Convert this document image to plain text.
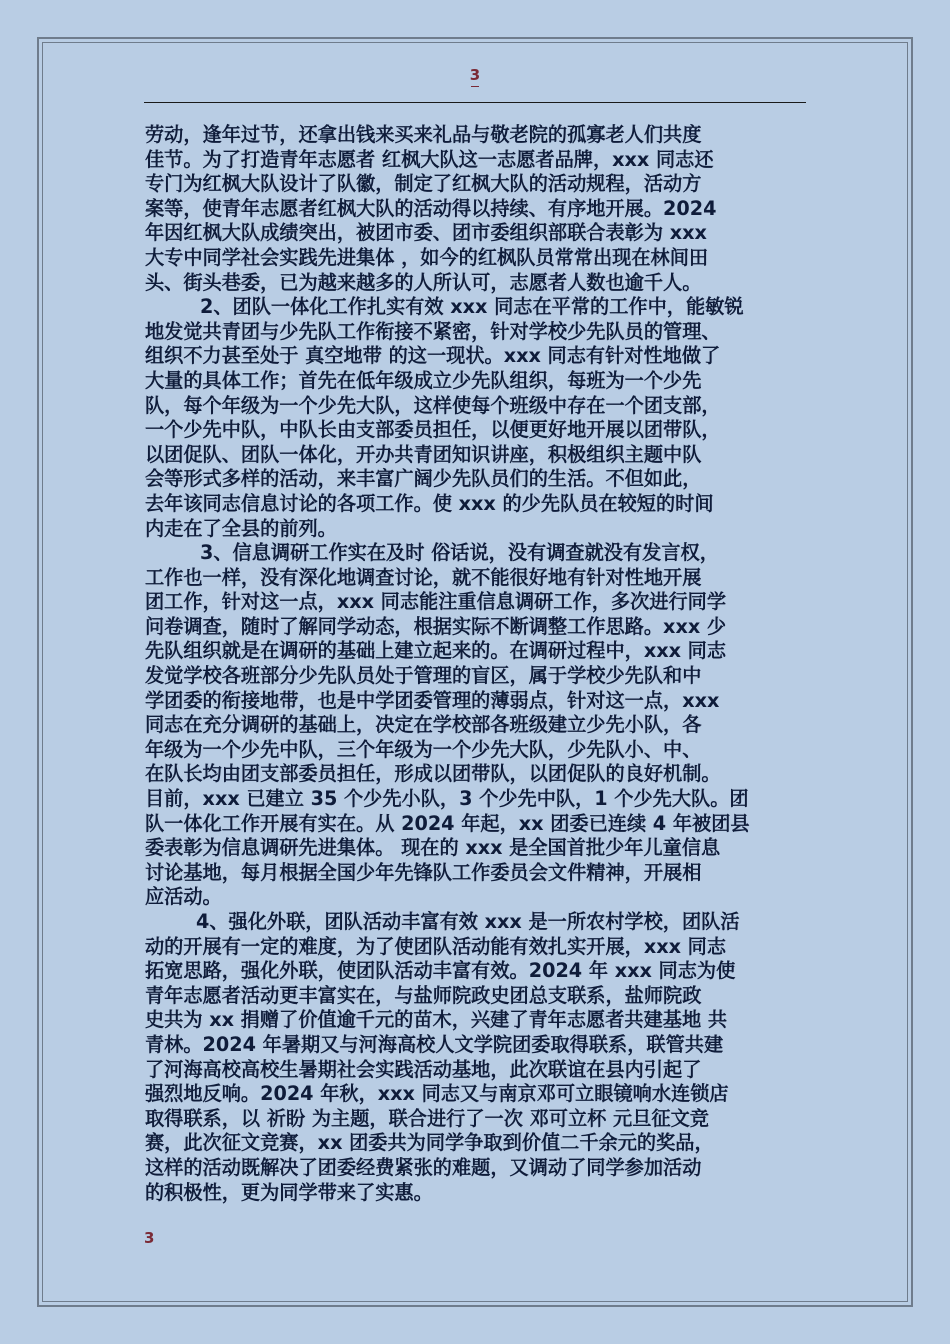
3
劳动，逢年过节，还拿出钱来买来礼品与敬老院的孤寡老人们共度
佳节。为了打造青年志愿者 红枫大队这一志愿者品牌，xxx 同志还
专门为红枫大队设计了队徽，制定了红枫大队的活动规程，活动方
案等，使青年志愿者红枫大队的活动得以持续、有序地开展。2024
年因红枫大队成绩突出，被团市委、团市委组织部联合表彰为 xxx
大专中同学社会实践先进集体 ，如今的红枫队员常常出现在林间田
头、街头巷委，已为越来越多的人所认可，志愿者人数也逾千人。
2、团队一体化工作扎实有效 xxx 同志在平常的工作中，能敏锐
地发觉共青团与少先队工作衔接不紧密，针对学校少先队员的管理、
组织不力甚至处于 真空地带 的这一现状。xxx 同志有针对性地做了
大量的具体工作；首先在低年级成立少先队组织，每班为一个少先
队，每个年级为一个少先大队，这样使每个班级中存在一个团支部，
一个少先中队，中队长由支部委员担任，以便更好地开展以团带队，
以团促队、团队一体化，开办共青团知识讲座，积极组织主题中队
会等形式多样的活动，来丰富广阔少先队员们的生活。不但如此，
去年该同志信息讨论的各项工作。使 xxx 的少先队员在较短的时间
内走在了全县的前列。
3、信息调研工作实在及时 俗话说，没有调查就没有发言权，
工作也一样，没有深化地调查讨论，就不能很好地有针对性地开展
团工作，针对这一点，xxx 同志能注重信息调研工作，多次进行同学
问卷调查，随时了解同学动态，根据实际不断调整工作思路。xxx 少
先队组织就是在调研的基础上建立起来的。在调研过程中，xxx 同志
发觉学校各班部分少先队员处于管理的盲区，属于学校少先队和中
学团委的衔接地带，也是中学团委管理的薄弱点，针对这一点，xxx
同志在充分调研的基础上，决定在学校部各班级建立少先小队，各
年级为一个少先中队，三个年级为一个少先大队，少先队小、中、
在队长均由团支部委员担任，形成以团带队，以团促队的良好机制。
目前，xxx 已建立 35 个少先小队，3 个少先中队，1 个少先大队。团
队一体化工作开展有实在。从 2024 年起，xx 团委已连续 4 年被团县
委表彰为信息调研先进集体。 现在的 xxx 是全国首批少年儿童信息
讨论基地，每月根据全国少年先锋队工作委员会文件精神，开展相
应活动。
4、强化外联，团队活动丰富有效 xxx 是一所农村学校，团队活
动的开展有一定的难度，为了使团队活动能有效扎实开展，xxx 同志
拓宽思路，强化外联，使团队活动丰富有效。2024 年 xxx 同志为使
青年志愿者活动更丰富实在，与盐师院政史团总支联系，盐师院政
史共为 xx 捐赠了价值逾千元的苗木，兴建了青年志愿者共建基地 共
青林。2024 年暑期又与河海高校人文学院团委取得联系，联管共建
了河海高校高校生暑期社会实践活动基地，此次联谊在县内引起了
强烈地反响。2024 年秋，xxx 同志又与南京邓可立眼镜响水连锁店
取得联系，以 祈盼 为主题，联合进行了一次 邓可立杯 元旦征文竞
赛，此次征文竞赛，xx 团委共为同学争取到价值二千余元的奖品，
这样的活动既解决了团委经费紧张的难题，又调动了同学参加活动
的积极性，更为同学带来了实惠。
3
